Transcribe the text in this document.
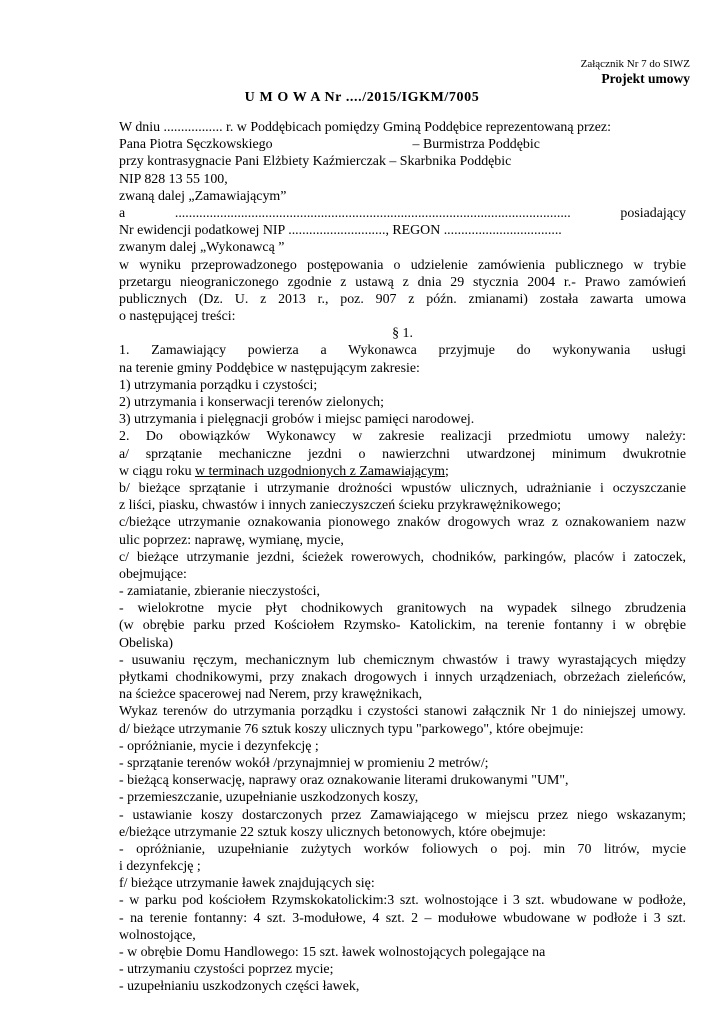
Załącznik Nr 7 do SIWZ
Projekt umowy
U M O W A Nr ..../2015/IGKM/7005
W dniu ................. r. w Poddębicach pomiędzy Gminą Poddębice reprezentowaną przez:
Pana Piotra Sęczkowskiego	– Burmistrza Poddębic
przy kontrasygnacie Pani Elżbiety Kaźmierczak – Skarbnika Poddębic
NIP 828 13 55 100,
zwaną dalej „Zamawiającym”
a .................................................................................................................. posiadający
Nr ewidencji podatkowej NIP ............................, REGON ..................................
zwanym dalej „Wykonawcą ”
w wyniku przeprowadzonego postępowania o udzielenie zamówienia publicznego w trybie
przetargu nieograniczonego zgodnie z ustawą z dnia 29 stycznia 2004 r.- Prawo zamówień
publicznych (Dz. U. z 2013 r., poz. 907 z późn. zmianami) została zawarta umowa
o następującej treści:
§ 1.
1. Zamawiający powierza a Wykonawca przyjmuje do wykonywania usługi
na terenie gminy Poddębice w następującym zakresie:
1) utrzymania porządku i czystości;
2) utrzymania i konserwacji terenów zielonych;
3) utrzymania i pielęgnacji grobów i miejsc pamięci narodowej.
2. Do obowiązków Wykonawcy w zakresie realizacji przedmiotu umowy należy:
a/ sprzątanie mechaniczne jezdni o nawierzchni utwardzonej minimum dwukrotnie
w ciągu roku w terminach uzgodnionych z Zamawiającym;
b/ bieżące sprzątanie i utrzymanie drożności wpustów ulicznych, udrażnianie i oczyszczanie
z liści, piasku, chwastów i innych zanieczyszczeń ścieku przykrawężnikowego;
c/bieżące utrzymanie oznakowania pionowego znaków drogowych wraz z oznakowaniem nazw
ulic poprzez: naprawę, wymianę, mycie,
c/ bieżące utrzymanie jezdni, ścieżek rowerowych, chodników, parkingów, placów i zatoczek,
obejmujące:
- zamiatanie, zbieranie nieczystości,
- wielokrotne mycie płyt chodnikowych granitowych na wypadek silnego zbrudzenia
(w obrębie parku przed Kościołem Rzymsko- Katolickim, na terenie fontanny i w obrębie
Obeliska)
- usuwaniu ręczym, mechanicznym lub chemicznym chwastów i trawy wyrastających między
płytkami chodnikowymi, przy znakach drogowych i innych urządzeniach, obrzeżach zieleńców,
na ścieżce spacerowej nad Nerem, przy krawężnikach,
Wykaz terenów do utrzymania porządku i czystości stanowi załącznik Nr 1 do niniejszej umowy.
d/ bieżące utrzymanie 76 sztuk koszy ulicznych typu "parkowego", które obejmuje:
- opróżnianie, mycie i dezynfekcję ;
- sprzątanie terenów wokół /przynajmniej w promieniu 2 metrów/;
- bieżącą konserwację, naprawy oraz oznakowanie literami drukowanymi "UM",
- przemieszczanie, uzupełnianie uszkodzonych koszy,
- ustawianie koszy dostarczonych przez Zamawiającego w miejscu przez niego wskazanym;
e/bieżące utrzymanie 22 sztuk koszy ulicznych betonowych, które obejmuje:
- opróżnianie, uzupełnianie zużytych worków foliowych o poj. min 70 litrów, mycie
i dezynfekcję ;
f/ bieżące utrzymanie ławek znajdujących się:
- w parku pod kościołem Rzymskokatolickim:3 szt. wolnostojące i 3 szt. wbudowane w podłoże,
- na terenie fontanny: 4 szt. 3-modułowe, 4 szt. 2 – modułowe wbudowane w podłoże i 3 szt.
wolnostojące,
- w obrębie Domu Handlowego: 15 szt. ławek wolnostojących polegające na
- utrzymaniu czystości poprzez mycie;
- uzupełnianiu uszkodzonych części ławek,
